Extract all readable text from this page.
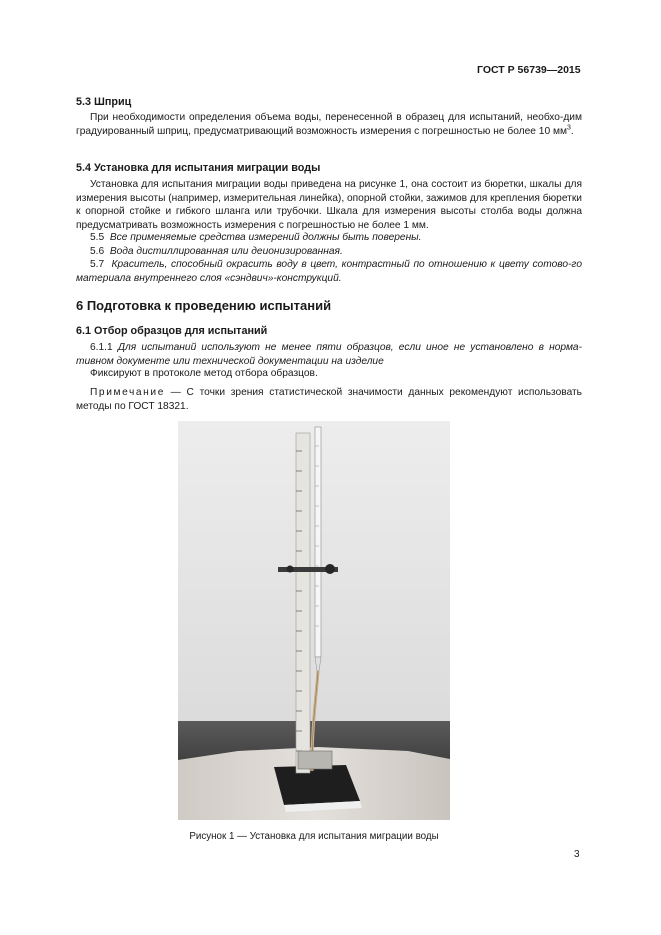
ГОСТ Р 56739—2015
5.3 Шприц
При необходимости определения объема воды, перенесенной в образец для испытаний, необхо-дим градуированный шприц, предусматривающий возможность измерения с погрешностью не более 10 $мм^3$.
5.4 Установка для испытания миграции воды
Установка для испытания миграции воды приведена на рисунке 1, она состоит из бюретки, шкалы для измерения высоты (например, измерительная линейка), опорной стойки, зажимов для крепления бюретки к опорной стойке и гибкого шланга или трубочки. Шкала для измерения высоты столба воды должна предусматривать возможность измерения с погрешностью не более 1 мм.
5.5 Все применяемые средства измерений должны быть поверены.
5.6 Вода дистиллированная или деионизированная.
5.7 Краситель, способный окрасить воду в цвет, контрастный по отношению к цвету сотово-го материала внутреннего слоя «сэндвич»-конструкций.
6 Подготовка к проведению испытаний
6.1 Отбор образцов для испытаний
6.1.1 Для испытаний используют не менее пяти образцов, если иное не установлено в норма-тивном документе или технической документации на изделие
Фиксируют в протоколе метод отбора образцов.
Примечание — С точки зрения статистической значимости данных рекомендуют использовать методы по ГОСТ 18321.
Рисунок 1 — Установка для испытания миграции воды
3
